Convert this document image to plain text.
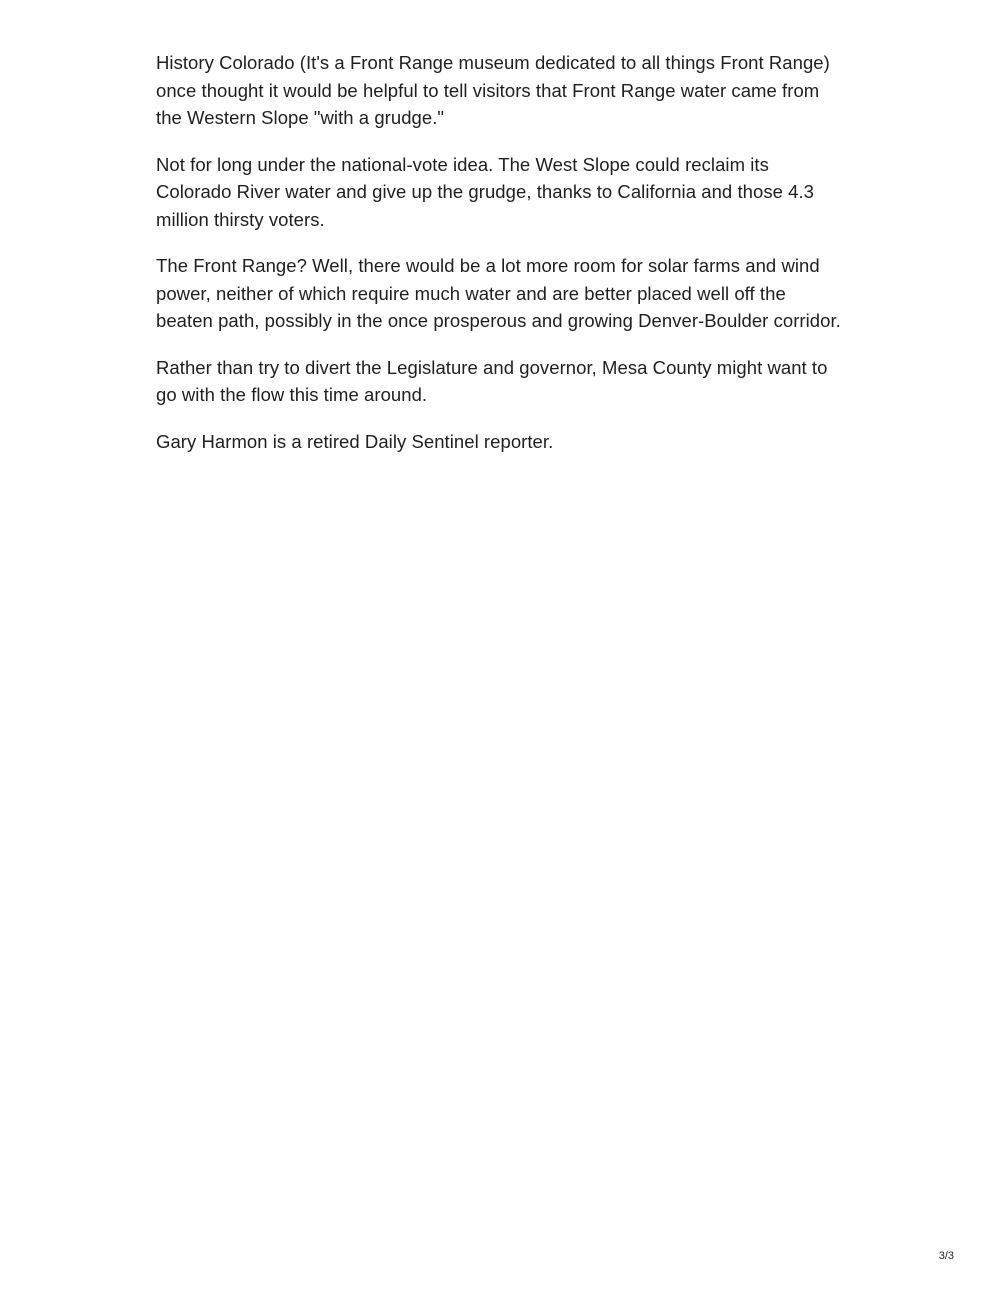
History Colorado (It's a Front Range museum dedicated to all things Front Range) once thought it would be helpful to tell visitors that Front Range water came from the Western Slope "with a grudge."

Not for long under the national-vote idea. The West Slope could reclaim its Colorado River water and give up the grudge, thanks to California and those 4.3 million thirsty voters.

The Front Range? Well, there would be a lot more room for solar farms and wind power, neither of which require much water and are better placed well off the beaten path, possibly in the once prosperous and growing Denver-Boulder corridor.

Rather than try to divert the Legislature and governor, Mesa County might want to go with the flow this time around.

Gary Harmon is a retired Daily Sentinel reporter.

3/3
